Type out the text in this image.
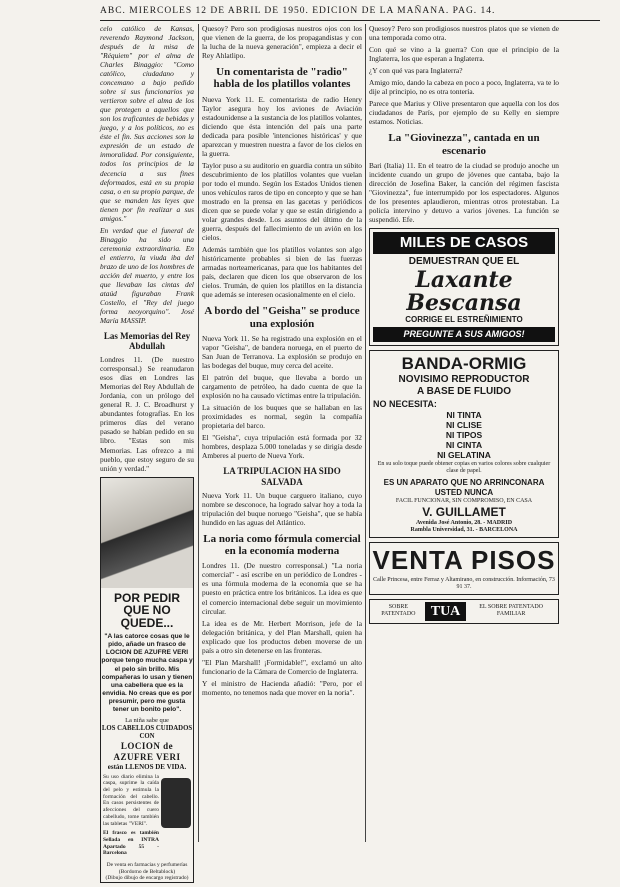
ABC. MIERCOLES 12 DE ABRIL DE 1950. EDICION DE LA MAÑANA. PAG. 14.

celo católico de Kansas, reverendo Raymond Jackson, después de la misa de "Réquiem" por el alma de Charles Binaggio: "Como católico, ciudadano y concemano a bajo pedido sobre si sus funcionarios ya vertieron sobre el alma de los que protegen a aquellos que son los traficantes de bebidas y juego, y a los políticos, no es éste el fin. Sus acciones son la expresión de un estado de inmoralidad. Por consiguiente, todos los principios de la decencia a sus fines deformados, está en su propia casa, o en su propio parque, de que se manden las leyes que tienen por fin realizar a sus amigos."

En verdad que el funeral de Binaggio ha sido una ceremonia extraordinaria. En el entierro, la viuda iba del brazo de uno de los hombres de acción del muerto, y entre los que llevaban las cintas del ataúd figuraban Frank Costello, el "Rey del juego forma neoyorquino". José María MASSIP.

Las Memorias del Rey Abdullah

Londres 11. (De nuestro corresponsal.) Se reanudaron esos días en Londres las Memorias del Rey Abdullah de Jordania, con un prólogo del general R. J. C. Broadhurst y abundantes fotografías. En los primeros días del verano pasado se habían pedido en su libro. "Estas son mis Memorias. Las ofrezco a mi pueblo, que estoy seguro de su unión y verdad."

POR PEDIR QUE NO QUEDE...

"A las catorce cosas que le pido, añade un frasco de LOCION DE AZUFRE VERI porque tengo mucha caspa y el pelo sin brillo. Mis compañeras lo usan y tienen una cabellera que es la envidia. No creas que es por presumir, pero me gusta tener un bonito pelo".

La niña sabe que
LOS CABELLOS CUIDADOS CON
LOCION de AZUFRE VERI
están LLENOS DE VIDA.

Su uso diario elimina la caspa, suprime la caída del pelo y estimula la formación del cabello. En casos persistentes de afecciones del cuero cabelludo, tome también las tabletas "VERI".

El frasco es también Sellada en INTRA Apartado 55 - Barcelona

De venta en farmacias y perfumerías
(Bordorno de Beltablock)
(Dibujo dibujo de encargo registrado)

Quesoy? Pero son prodigiosas nuestros ojos con los que vienen de la guerra, de los propagandistas y con la lucha de la nueva generación", empieza a decir el Rey Ahlatlipo.

Un comentarista de "radio" habla de los platillos volantes

Nueva York 11. E. comentarista de radio Henry Taylor asegura hoy los aviones de Aviación estadounidense a la sustancia de los platillos volantes, diciendo que ésta intención del país una parte dedicada para posible 'intenciones históricas' y que aparezcan y muestren nuestra a favor de los cielos en la guerra.

Taylor puso a su auditorio en guardia contra un súbito descubrimiento de los platillos volantes que vuelan por todo el mundo. Según los Estados Unidos tienen unos vehículos raros de tipo en concepto y que se han mostrado en la prensa en las gacetas y periódicos dicen que se puede volar y que se están dirigiendo a volar grandes desde. Los asuntos del último de la guerra, después del fallecimiento de un avión en los cielos.

Además también que los platillos volantes son algo históricamente probables si bien de las fuerzas armadas norteamericanas, para que los habitantes del país, declaren que dicen los que observaron de los cielos. Trumán, de quien los platillos en la distancia que además se interesen ocasionalmente en el cielo.

A bordo del "Geisha" se produce una explosión

Nueva York 11. Se ha registrado una explosión en el vapor "Geisha", de bandera noruega, en el puerto de San Juan de Terranova. La explosión se produjo en las bodegas del buque, muy cerca del aceite.

El patrón del buque, que llevaba a bordo un cargamento de petróleo, ha dado cuenta de que la explosión no ha causado víctimas entre la tripulación.

La situación de los buques que se hallaban en las proximidades es normal, según la compañía propietaria del barco.

El "Geisha", cuya tripulación está formada por 32 hombres, desplaza 5.000 toneladas y se dirigía desde Amberes al puerto de Nueva York.

LA TRIPULACION HA SIDO SALVADA

Nueva York 11. Un buque carguero italiano, cuyo nombre se desconoce, ha logrado salvar hoy a toda la tripulación del buque noruego "Geisha", que se había hundido en las aguas del Atlántico.

La noria como fórmula comercial en la economía moderna

Londres 11. (De nuestro corresponsal.) "La noria comercial" - así escribe en un periódico de Londres - es una fórmula moderna de la economía que se ha puesto en práctica entre los británicos. La idea es que el comercio internacional debe seguir un movimiento circular.

La idea es de Mr. Herbert Morrison, jefe de la delegación británica, y del Plan Marshall, quien ha explicado que los productos deben moverse de un país a otro sin detenerse en las fronteras.

"El Plan Marshall! ¡Formidable!", exclamó un alto funcionario de la Cámara de Comercio de Inglaterra.

Y el ministro de Hacienda añadió: "Pero, por el momento, no tenemos nada que mover en la noria".

Quesoy? Pero son prodigiosos nuestros platos que se vienen de una temporada como otra.

Con qué se vino a la guerra? Con que el principio de la Inglaterra, los que esperan a Inglaterra.

¿Y con qué vas para Inglaterra?

Amigo mío, dando la cabeza en poco a poco, Inglaterra, va te lo dije al principio, no es otra tontería.

Parece que Marius y Olive presentaron que aquella con los dos ciudadanos de París, por ejemplo de su Kelly en siempre estamos. Noticias.

La "Giovinezza", cantada en un escenario

Bari (Italia) 11. En el teatro de la ciudad se produjo anoche un incidente cuando un grupo de jóvenes que cantaba, bajo la dirección de Josefina Baker, la canción del régimen fascista "Giovinezza", fue interrumpido por los espectadores. Algunos de los presentes aplaudieron, mientras otros protestaban. La policía intervino y detuvo a varios jóvenes. La función se suspendió. Efe.

MILES DE CASOS
DEMUESTRAN QUE EL
Laxante
Bescansa
CORRIGE EL ESTREÑIMIENTO
PREGUNTE A SUS AMIGOS!
BANDA-ORMIG
NOVISIMO REPRODUCTOR
A BASE DE FLUIDO
NO NECESITA:
NI TINTA
NI CLISE
NI TIPOS
NI CINTA
NI GELATINA

En su solo toque puede obtener copias en varios colores sobre cualquier clase de papel.

ES UN APARATO QUE NO ARRINCONARA USTED NUNCA
FACIL FUNCIONAR, SIN COMPROMISO, EN CASA
V. GUILLAMET
Avenida José Antonio, 28. - MADRID
Rambla Universidad, 31. - BARCELONA
VENTA PISOS
Calle Princesa, entre Ferraz y Altamirano, en construcción. Información, 73 91 37.
SOBRE PATENTADO	TUA	EL SOBRE PATENTADO FAMILIAR
